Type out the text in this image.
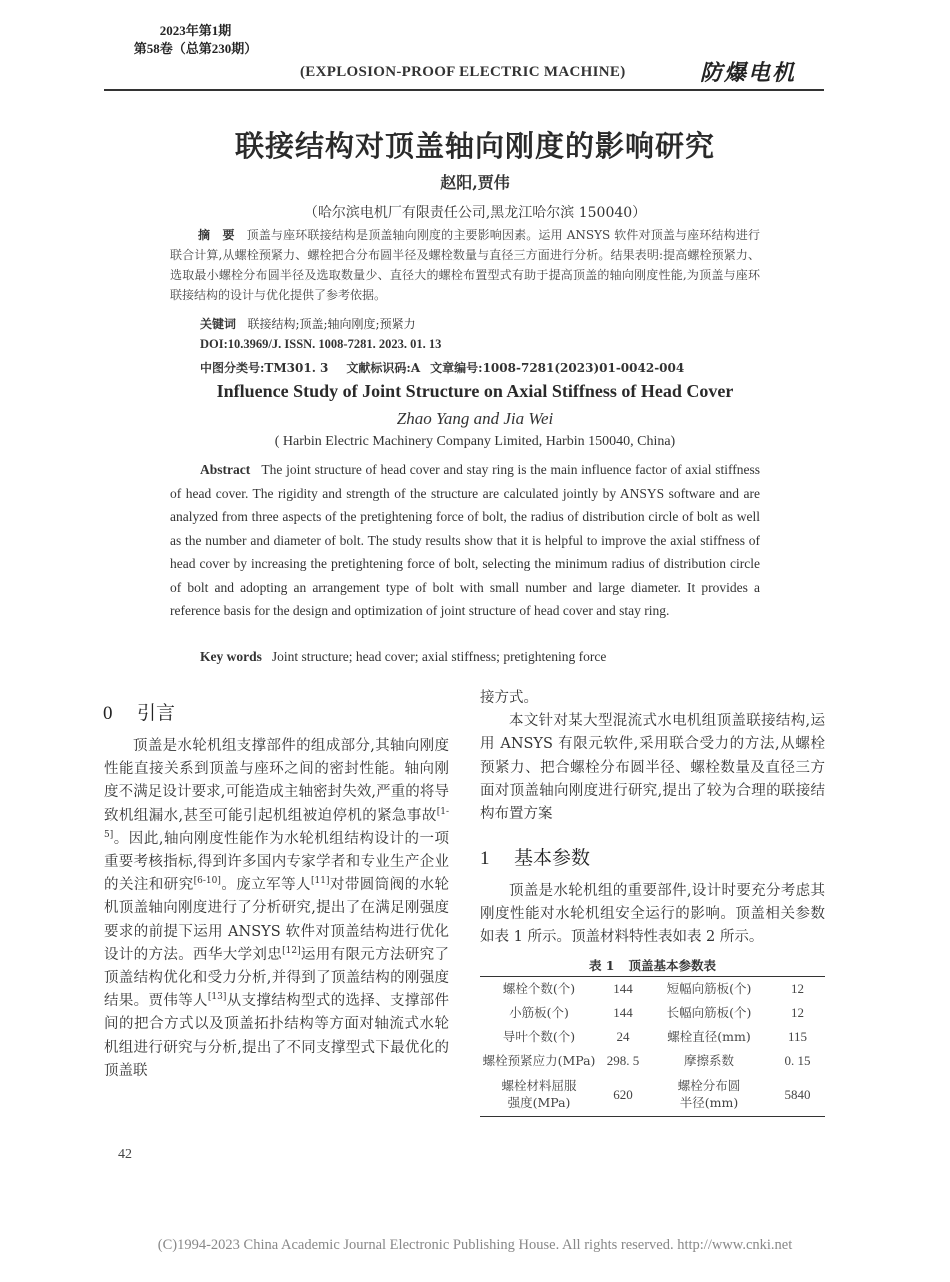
2023年第1期
第58卷（总第230期）
(EXPLOSION-PROOF ELECTRIC MACHINE)	防爆电机
联接结构对顶盖轴向刚度的影响研究
赵阳,贾伟
（哈尔滨电机厂有限责任公司,黑龙江哈尔滨 150040）
摘 要 顶盖与座环联接结构是顶盖轴向刚度的主要影响因素。运用 ANSYS 软件对顶盖与座环结构进行联合计算,从螺栓预紧力、螺栓把合分布圆半径及螺栓数量与直径三方面进行分析。结果表明:提高螺栓预紧力、选取最小螺栓分布圆半径及选取数量少、直径大的螺栓布置型式有助于提高顶盖的轴向刚度性能,为顶盖与座环联接结构的设计与优化提供了参考依据。
关键词 联接结构;顶盖;轴向刚度;预紧力
DOI:10.3969/J. ISSN. 1008-7281. 2023. 01. 13
中图分类号:TM301. 3 文献标识码:A 文章编号:1008-7281(2023)01-0042-004
Influence Study of Joint Structure on Axial Stiffness of Head Cover
Zhao Yang and Jia Wei
( Harbin Electric Machinery Company Limited, Harbin 150040, China)
Abstract The joint structure of head cover and stay ring is the main influence factor of axial stiffness of head cover. The rigidity and strength of the structure are calculated jointly by ANSYS software and are analyzed from three aspects of the pretightening force of bolt, the radius of distribution circle of bolt as well as the number and diameter of bolt. The study results show that it is helpful to improve the axial stiffness of head cover by increasing the pretightening force of bolt, selecting the minimum radius of distribution circle of bolt and adopting an arrangement type of bolt with small number and large diameter. It provides a reference basis for the design and optimization of joint structure of head cover and stay ring.
Key words Joint structure; head cover; axial stiffness; pretightening force
0 引言

顶盖是水轮机组支撑部件的组成部分,其轴向刚度性能直接关系到顶盖与座环之间的密封性能。轴向刚度不满足设计要求,可能造成主轴密封失效,严重的将导致机组漏水,甚至可能引起机组被迫停机的紧急事故[1-5]。因此,轴向刚度性能作为水轮机组结构设计的一项重要考核指标,得到许多国内专家学者和专业生产企业的关注和研究[6-10]。庞立军等人[11]对带圆筒阀的水轮机顶盖轴向刚度进行了分析研究,提出了在满足刚强度要求的前提下运用 ANSYS 软件对顶盖结构进行优化设计的方法。西华大学刘忠[12]运用有限元方法研究了顶盖结构优化和受力分析,并得到了顶盖结构的刚强度结果。贾伟等人[13]从支撑结构型式的选择、支撑部件间的把合方式以及顶盖拓扑结构等方面对轴流式水轮机组进行研究与分析,提出了不同支撑型式下最优化的顶盖联

接方式。

本文针对某大型混流式水电机组顶盖联接结构,运用 ANSYS 有限元软件,采用联合受力的方法,从螺栓预紧力、把合螺栓分布圆半径、螺栓数量及直径三方面对顶盖轴向刚度进行研究,提出了较为合理的联接结构布置方案

1 基本参数

顶盖是水轮机组的重要部件,设计时要充分考虑其刚度性能对水轮机组安全运行的影响。顶盖相关参数如表 1 所示。顶盖材料特性表如表 2 所示。

表 1 顶盖基本参数表
螺栓个数(个)	144	短幅向筋板(个)	12
小筋板(个)	144	长幅向筋板(个)	12
导叶个数(个)	24	螺栓直径(mm)	115
螺栓预紧应力(MPa)	298. 5	摩擦系数	0. 15
螺栓材料屈服强度(MPa)	620	螺栓分布圆半径(mm)	5840
42
(C)1994-2023 China Academic Journal Electronic Publishing House. All rights reserved. http://www.cnki.net
